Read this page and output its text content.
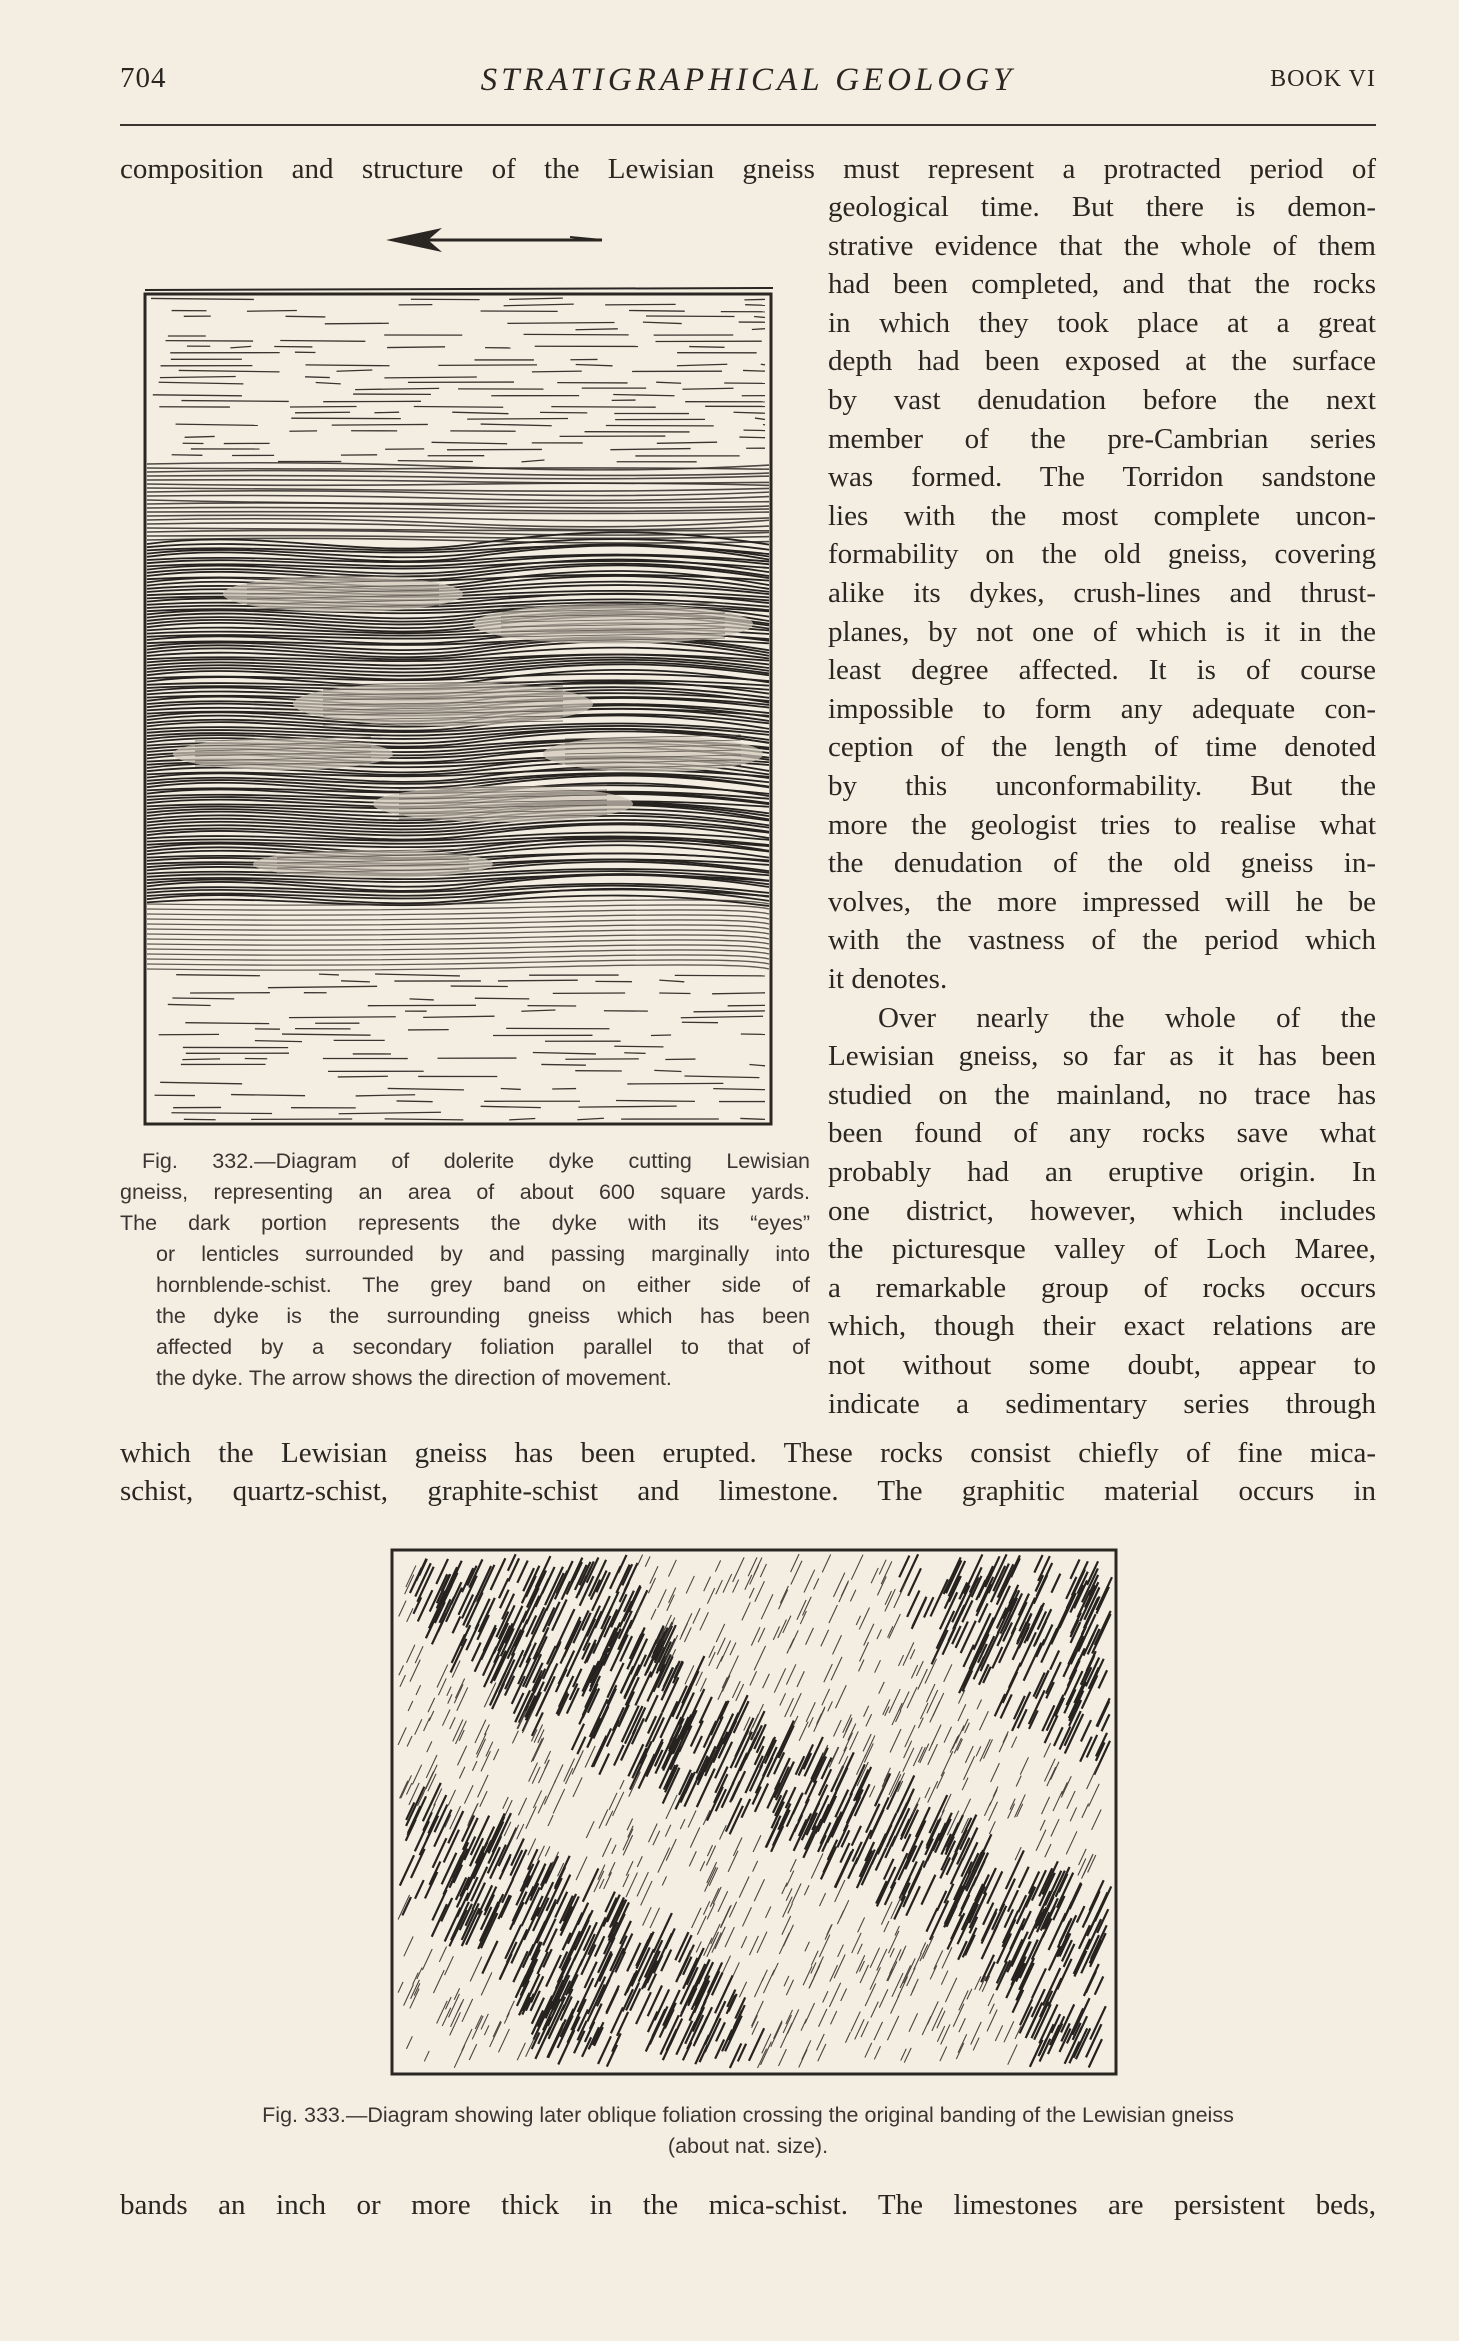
704	STRATIGRAPHICAL GEOLOGY	BOOK VI
composition and structure of the Lewisian gneiss must represent a protracted period of
geological time. But there is demon-
strative evidence that the whole of them
had been completed, and that the rocks
in which they took place at a great
depth had been exposed at the surface
by vast denudation before the next
member of the pre-Cambrian series
was formed. The Torridon sandstone
lies with the most complete uncon-
formability on the old gneiss, covering
alike its dykes, crush-lines and thrust-
planes, by not one of which is it in the
least degree affected. It is of course
impossible to form any adequate con-
ception of the length of time denoted
by this unconformability. But the
more the geologist tries to realise what
the denudation of the old gneiss in-
volves, the more impressed will he be
with the vastness of the period which
it denotes.
Over nearly the whole of the
Lewisian gneiss, so far as it has been
studied on the mainland, no trace has
been found of any rocks save what
probably had an eruptive origin. In
one district, however, which includes
the picturesque valley of Loch Maree,
a remarkable group of rocks occurs
which, though their exact relations are
not without some doubt, appear to
indicate a sedimentary series through
Fig. 332.—Diagram of dolerite dyke cutting Lewisian
gneiss, representing an area of about 600 square yards.
The dark portion represents the dyke with its “eyes”
or lenticles surrounded by and passing marginally into
hornblende-schist. The grey band on either side of
the dyke is the surrounding gneiss which has been
affected by a secondary foliation parallel to that of
the dyke. The arrow shows the direction of movement.
which the Lewisian gneiss has been erupted. These rocks consist chiefly of fine mica-
schist, quartz-schist, graphite-schist and limestone. The graphitic material occurs in
Fig. 333.—Diagram showing later oblique foliation crossing the original banding of the Lewisian gneiss
(about nat. size).
bands an inch or more thick in the mica-schist. The limestones are persistent beds,
